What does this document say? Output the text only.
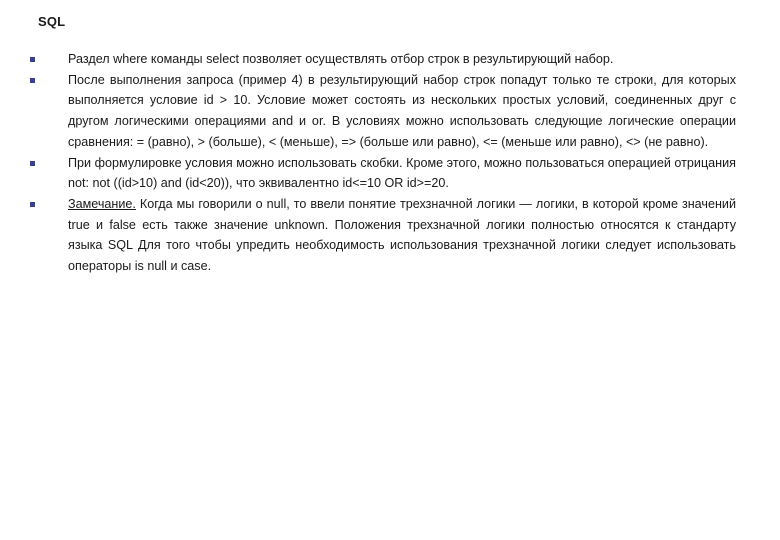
SQL
Раздел where команды select позволяет осуществлять отбор строк в результирующий набор.
После выполнения запроса (пример 4) в результирующий набор строк попадут только те строки, для которых выполняется условие id > 10. Условие может состоять из нескольких простых условий, соединенных друг с другом логическими операциями and и or. В условиях можно использовать следующие логические операции сравнения: = (равно), > (больше), < (меньше), => (больше или равно), <= (меньше или равно), <> (не равно).
При формулировке условия можно использовать скобки. Кроме этого, можно пользоваться операцией отрицания not: not ((id>10) and (id<20)), что эквивалентно id<=10 OR id>=20.
Замечание. Когда мы говорили о null, то ввели понятие трехзначной логики — логики, в которой кроме значений true и false есть также значение unknown. Положения трехзначной логики полностью относятся к стандарту языка SQL Для того чтобы упредить необходимость использования трехзначной логики следует использовать операторы is null и case.
